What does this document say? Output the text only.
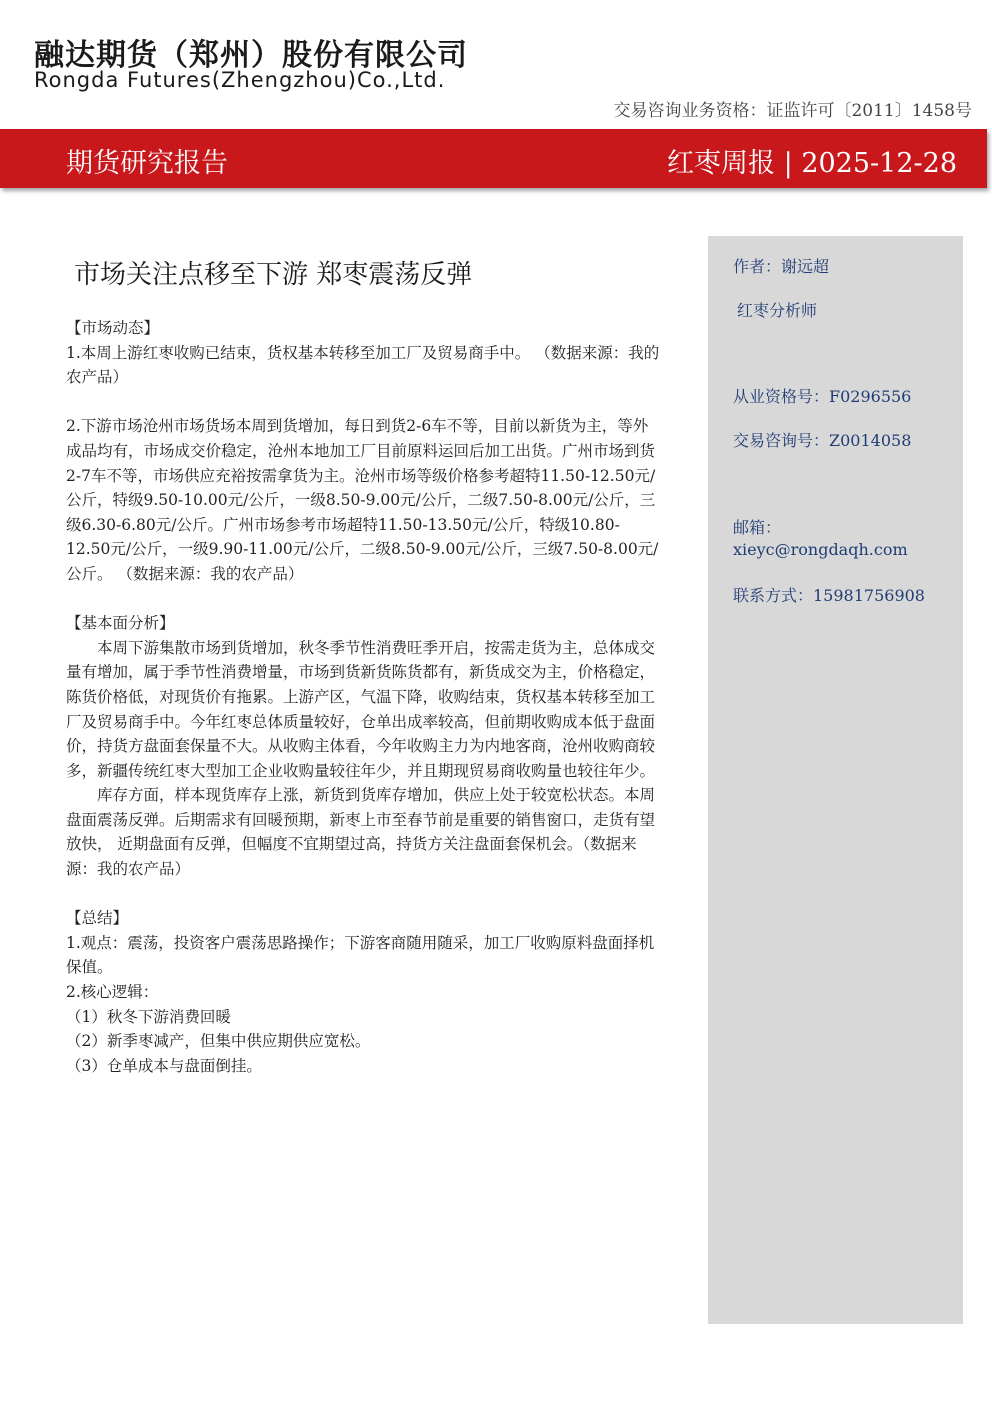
融达期货（郑州）股份有限公司
Rongda Futures(Zhengzhou)Co.,Ltd.
交易咨询业务资格：证监许可〔2011〕1458号
期货研究报告	红枣周报 | 2025-12-28
作者：谢远超
红枣分析师
从业资格号：F0296556
交易咨询号：Z0014058
邮箱：
xieyc@rongdaqh.com
联系方式：15981756908
市场关注点移至下游 郑枣震荡反弹

【市场动态】

1.本周上游红枣收购已结束，货权基本转移至加工厂及贸易商手中。 （数据来源：我的农产品）

2.下游市场沧州市场货场本周到货增加，每日到货2-6车不等，目前以新货为主，等外成品均有，市场成交价稳定，沧州本地加工厂目前原料运回后加工出货。广州市场到货2-7车不等，市场供应充裕按需拿货为主。沧州市场等级价格参考超特11.50-12.50元/公斤，特级9.50-10.00元/公斤，一级8.50-9.00元/公斤，二级7.50-8.00元/公斤，三级6.30-6.80元/公斤。广州市场参考市场超特11.50-13.50元/公斤，特级10.80-12.50元/公斤，一级9.90-11.00元/公斤，二级8.50-9.00元/公斤，三级7.50-8.00元/公斤。 （数据来源：我的农产品）

【基本面分析】

本周下游集散市场到货增加，秋冬季节性消费旺季开启，按需走货为主，总体成交量有增加，属于季节性消费增量，市场到货新货陈货都有，新货成交为主，价格稳定，陈货价格低，对现货价有拖累。上游产区，气温下降，收购结束，货权基本转移至加工厂及贸易商手中。今年红枣总体质量较好，仓单出成率较高，但前期收购成本低于盘面价，持货方盘面套保量不大。从收购主体看，今年收购主力为内地客商，沧州收购商较多，新疆传统红枣大型加工企业收购量较往年少，并且期现贸易商收购量也较往年少。

库存方面，样本现货库存上涨，新货到货库存增加，供应上处于较宽松状态。本周盘面震荡反弹。后期需求有回暖预期，新枣上市至春节前是重要的销售窗口，走货有望放快， 近期盘面有反弹，但幅度不宜期望过高，持货方关注盘面套保机会。（数据来源：我的农产品）

【总结】

1.观点：震荡，投资客户震荡思路操作；下游客商随用随采，加工厂收购原料盘面择机保值。

2.核心逻辑：

（1）秋冬下游消费回暖

（2）新季枣减产，但集中供应期供应宽松。

（3）仓单成本与盘面倒挂。
